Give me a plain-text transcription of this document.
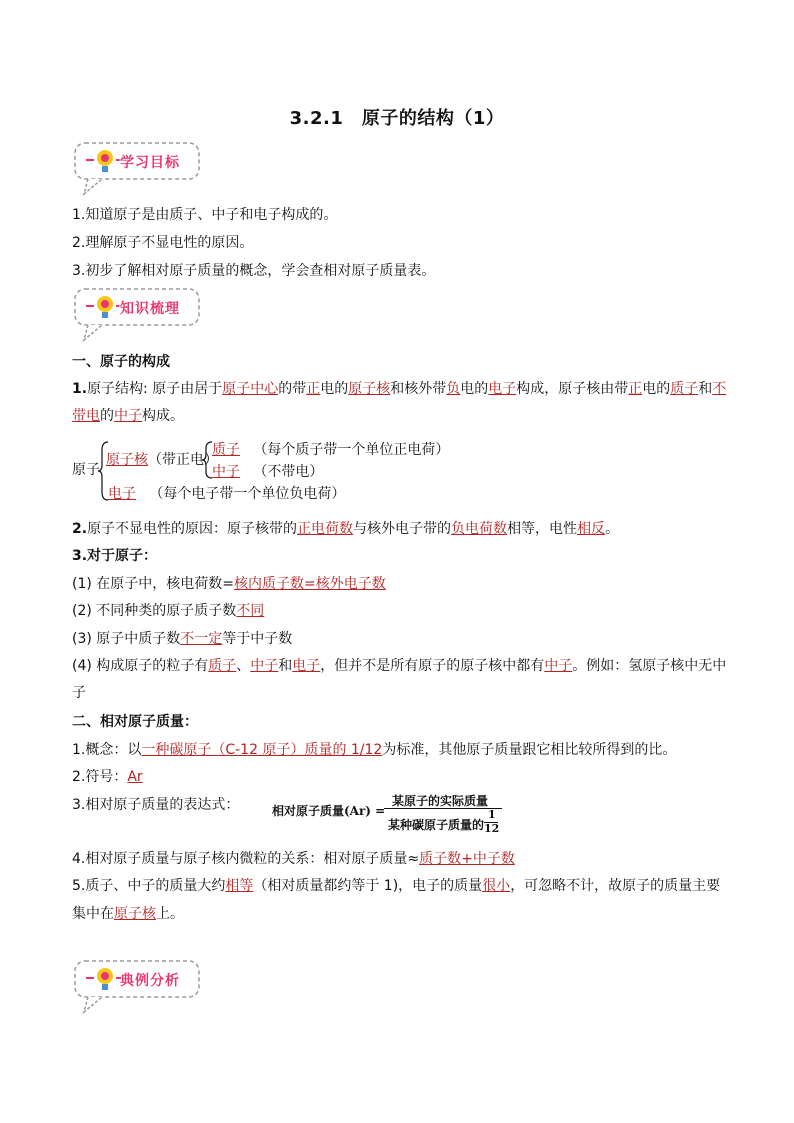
3.2.1　原子的结构（1）
学习目标
1.知道原子是由质子、中子和电子构成的。
2.理解原子不显电性的原因。
3.初步了解相对原子质量的概念，学会查相对原子质量表。
知识梳理
一、原子的构成
1.原子结构: 原子由居于原子中心的带正电的原子核和核外带负电的电子构成，原子核由带正电的质子和不
带电的中子构成。
原子
原子核（带正电）
质子 （每个质子带一个单位正电荷）
中子 （不带电）
电子 （每个电子带一个单位负电荷）
2.原子不显电性的原因：原子核带的正电荷数与核外电子带的负电荷数相等，电性相反。
3.对于原子：
(1) 在原子中，核电荷数=核内质子数=核外电子数
(2) 不同种类的原子质子数不同
(3) 原子中质子数不一定等于中子数
(4) 构成原子的粒子有质子、中子和电子，但并不是所有原子的原子核中都有中子。例如：氢原子核中无中
子
二、相对原子质量：
1.概念：以一种碳原子（C-12 原子）质量的 1/12为标准，其他原子质量跟它相比较所得到的比。
2.符号：Ar
3.相对原子质量的表达式：	相对原子质量(Ar) =
某原子的实际质量
某种碳原子质量的
1
12
4.相对原子质量与原子核内微粒的关系：相对原子质量≈质子数+中子数
5.质子、中子的质量大约相等（相对质量都约等于 1)，电子的质量很小，可忽略不计，故原子的质量主要
集中在原子核上。
典例分析
